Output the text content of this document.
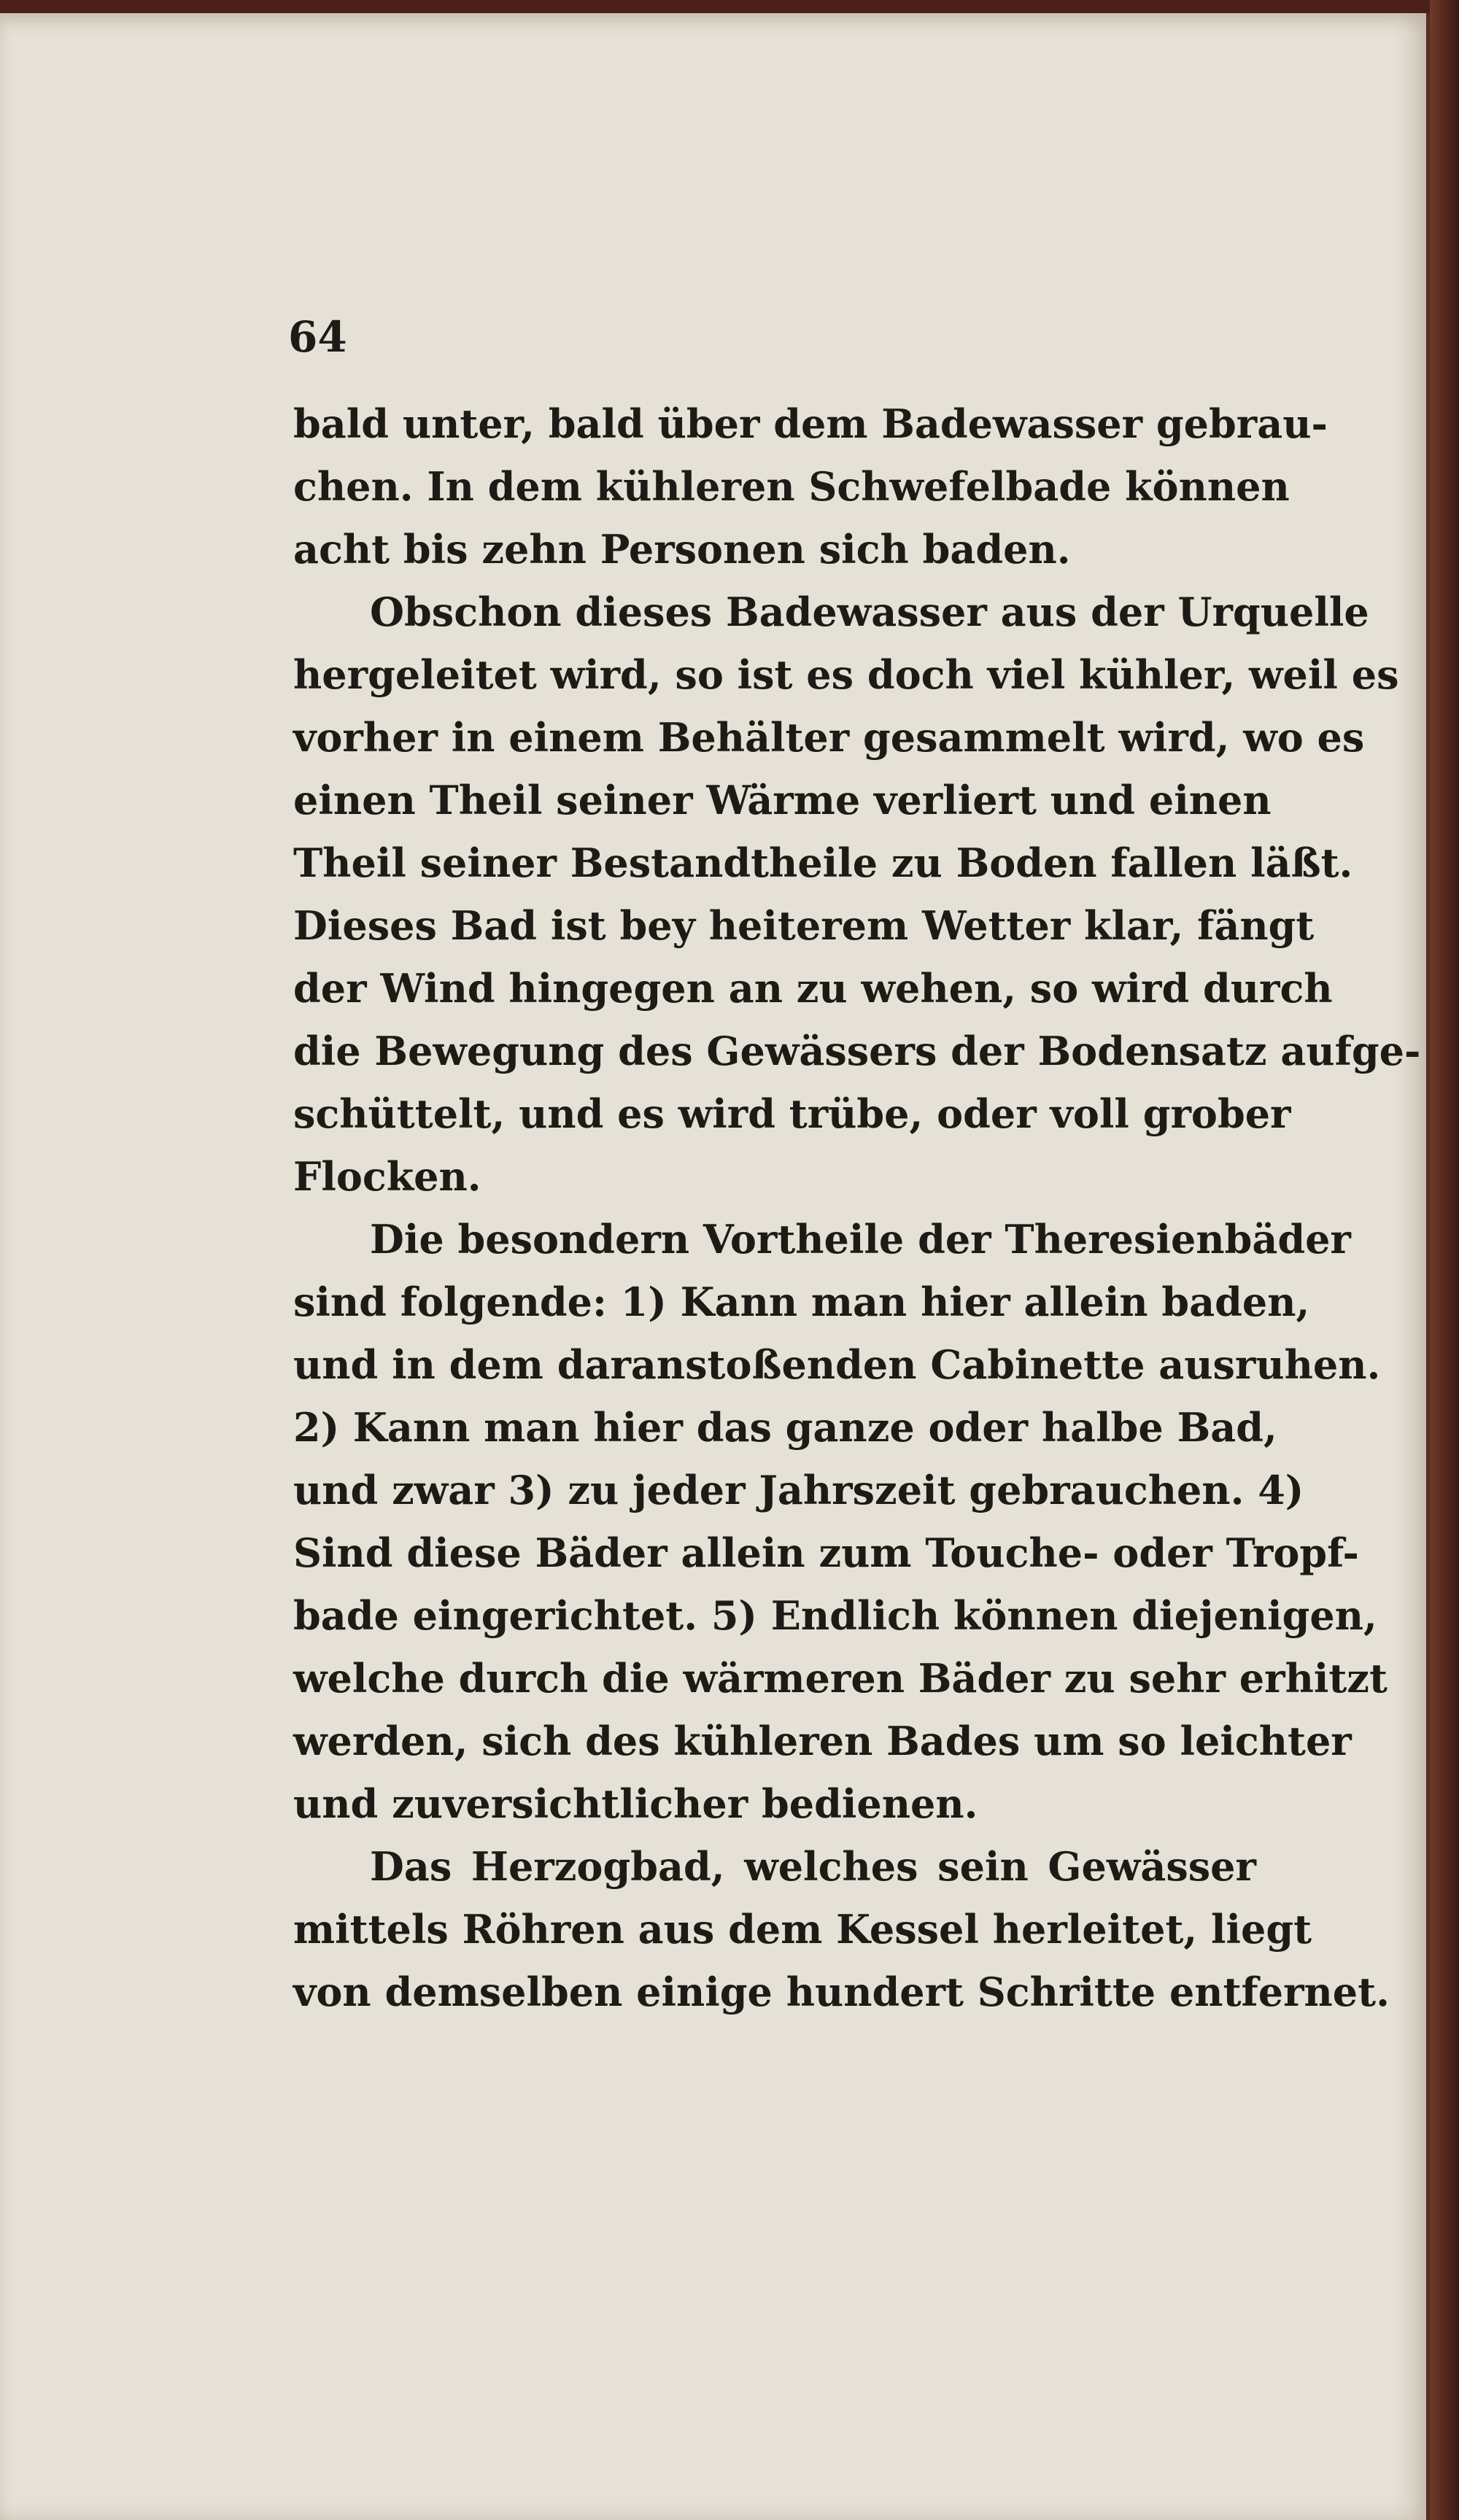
64

bald unter, bald über dem Badewasser gebrau-
chen. In dem kühleren Schwefelbade können
acht bis zehn Personen sich baden.
Obschon dieses Badewasser aus der Urquelle
hergeleitet wird, so ist es doch viel kühler, weil es
vorher in einem Behälter gesammelt wird, wo es
einen Theil seiner Wärme verliert und einen
Theil seiner Bestandtheile zu Boden fallen läßt.
Dieses Bad ist bey heiterem Wetter klar, fängt
der Wind hingegen an zu wehen, so wird durch
die Bewegung des Gewässers der Bodensatz aufge-
schüttelt, und es wird trübe, oder voll grober
Flocken.
Die besondern Vortheile der Theresienbäder
sind folgende: 1) Kann man hier allein baden,
und in dem daranstoßenden Cabinette ausruhen.
2) Kann man hier das ganze oder halbe Bad,
und zwar 3) zu jeder Jahrszeit gebrauchen. 4)
Sind diese Bäder allein zum Touche- oder Tropf-
bade eingerichtet. 5) Endlich können diejenigen,
welche durch die wärmeren Bäder zu sehr erhitzt
werden, sich des kühleren Bades um so leichter
und zuversichtlicher bedienen.
Das Herzogbad, welches sein Gewässer
mittels Röhren aus dem Kessel herleitet, liegt
von demselben einige hundert Schritte entfernet.
